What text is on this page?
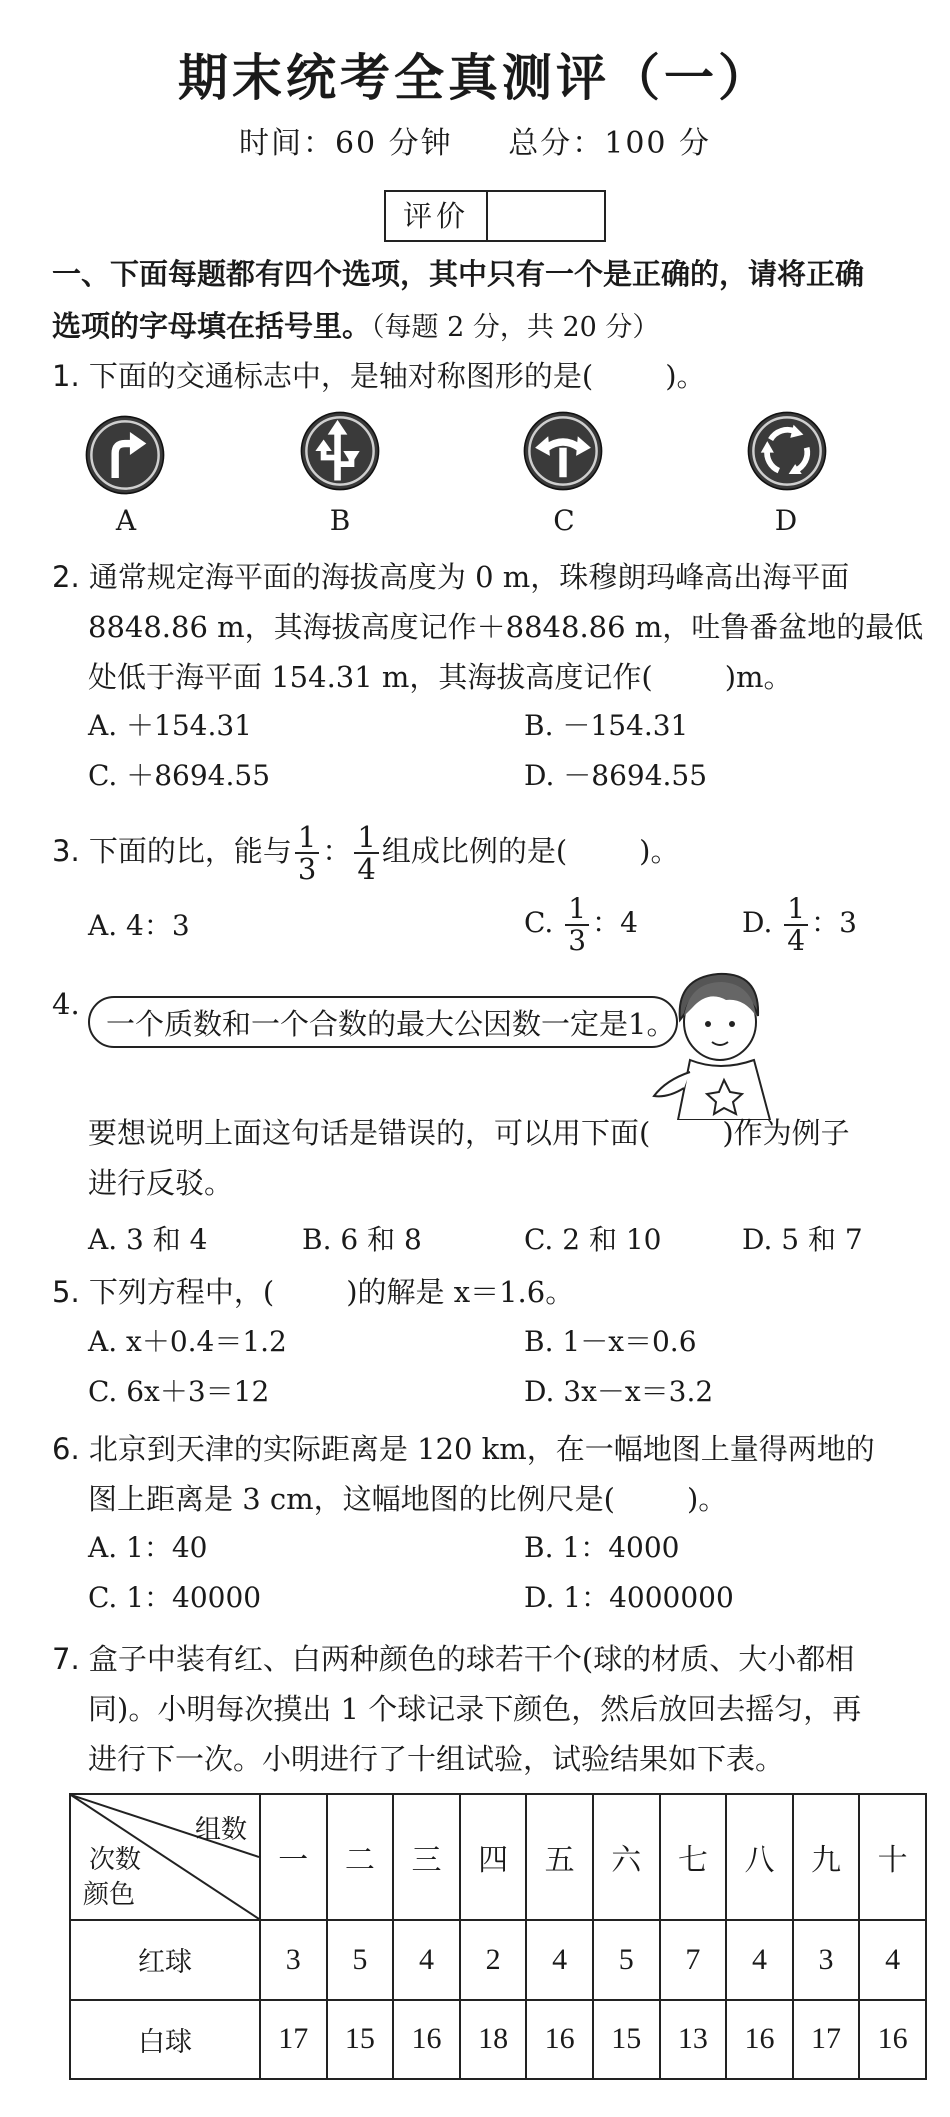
期末统考全真测评（一）
时间：60 分钟 总分：100 分
评价
一、下面每题都有四个选项，其中只有一个是正确的，请将正确
选项的字母填在括号里。（每题 2 分，共 20 分）
1. 下面的交通标志中，是轴对称图形的是( )。
A	B	C	D
2. 通常规定海平面的海拔高度为 0 m，珠穆朗玛峰高出海平面
8848.86 m，其海拔高度记作＋8848.86 m，吐鲁番盆地的最低
处低于海平面 154.31 m，其海拔高度记作( )m。
A. ＋154.31	B. －154.31
C. ＋8694.55	D. －8694.55
3. 下面的比，能与 $\frac{1}{3}$ ： $\frac{1}{4}$ 组成比例的是( )。
A. 4：3	C. $\frac{1}{3}$ ：4	D. $\frac{1}{4}$ ：3
4.
一个质数和一个合数的最大公因数一定是1。
要想说明上面这句话是错误的，可以用下面( )作为例子
进行反驳。
A. 3 和 4	B. 6 和 8	C. 2 和 10	D. 5 和 7
5. 下列方程中，( )的解是 x＝1.6。
A. x＋0.4＝1.2	B. 1－x＝0.6
C. 6x＋3＝12	D. 3x－x＝3.2
6. 北京到天津的实际距离是 120 km，在一幅地图上量得两地的
图上距离是 3 cm，这幅地图的比例尺是( )。
A. 1：40	B. 1：4000
C. 1：40000	D. 1：4000000
7. 盒子中装有红、白两种颜色的球若干个(球的材质、大小都相
同)。小明每次摸出 1 个球记录下颜色，然后放回去摇匀，再
进行下一次。小明进行了十组试验，试验结果如下表。
组数
次数
颜色	一	二	三	四	五	六	七	八	九	十
红球	3	5	4	2	4	5	7	4	3	4
白球	17	15	16	18	16	15	13	16	17	16
